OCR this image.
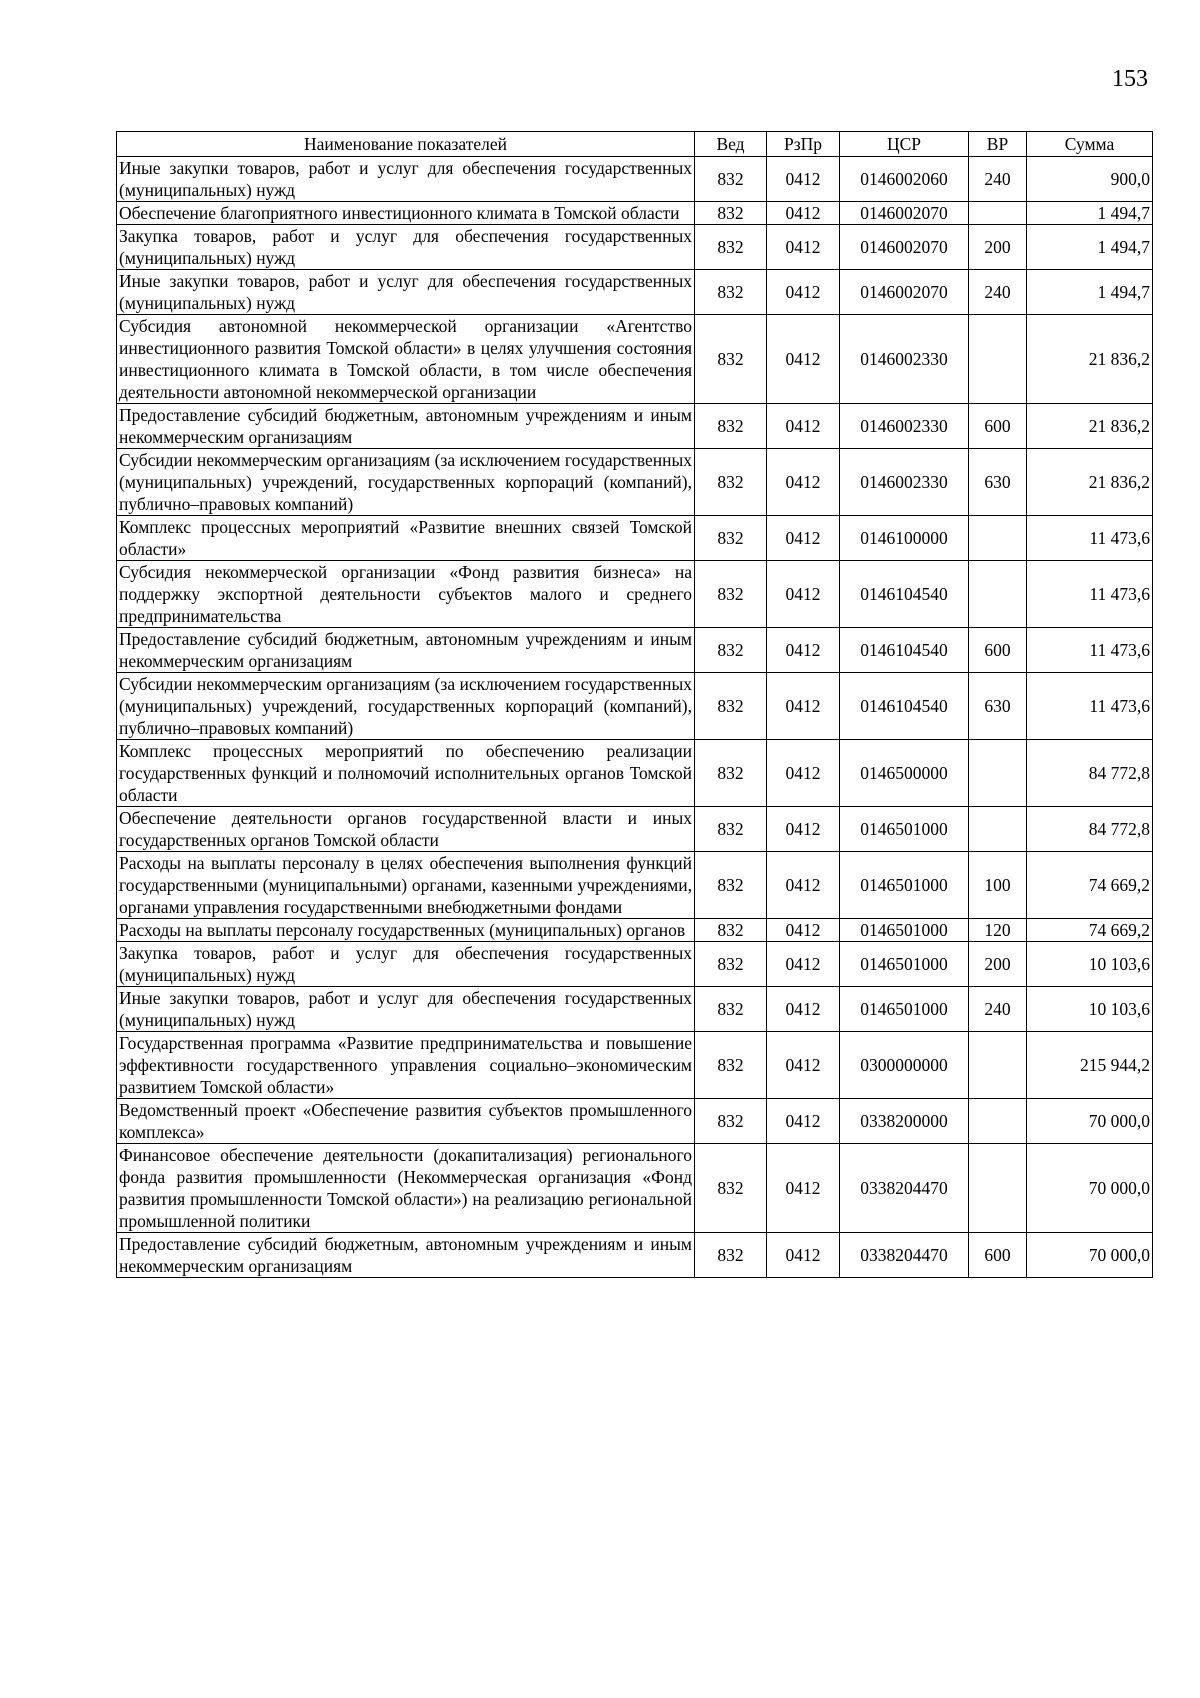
153
Наименование показателей	Вед	РзПр	ЦСР	ВР	Сумма
Иные закупки товаров, работ и услуг для обеспечения государственных (муниципальных) нужд	832	0412	0146002060	240	900,0
Обеспечение благоприятного инвестиционного климата в Томской области	832	0412	0146002070		1 494,7
Закупка товаров, работ и услуг для обеспечения государственных (муниципальных) нужд	832	0412	0146002070	200	1 494,7
Иные закупки товаров, работ и услуг для обеспечения государственных (муниципальных) нужд	832	0412	0146002070	240	1 494,7
Субсидия автономной некоммерческой организации «Агентство инвестиционного развития Томской области» в целях улучшения состояния инвестиционного климата в Томской области, в том числе обеспечения деятельности автономной некоммерческой организации	832	0412	0146002330		21 836,2
Предоставление субсидий бюджетным, автономным учреждениям и иным некоммерческим организациям	832	0412	0146002330	600	21 836,2
Субсидии некоммерческим организациям (за исключением государственных (муниципальных) учреждений, государственных корпораций (компаний), публично–правовых компаний)	832	0412	0146002330	630	21 836,2
Комплекс процессных мероприятий «Развитие внешних связей Томской области»	832	0412	0146100000		11 473,6
Субсидия некоммерческой организации «Фонд развития бизнеса» на поддержку экспортной деятельности субъектов малого и среднего предпринимательства	832	0412	0146104540		11 473,6
Предоставление субсидий бюджетным, автономным учреждениям и иным некоммерческим организациям	832	0412	0146104540	600	11 473,6
Субсидии некоммерческим организациям (за исключением государственных (муниципальных) учреждений, государственных корпораций (компаний), публично–правовых компаний)	832	0412	0146104540	630	11 473,6
Комплекс процессных мероприятий по обеспечению реализации государственных функций и полномочий исполнительных органов Томской области	832	0412	0146500000		84 772,8
Обеспечение деятельности органов государственной власти и иных государственных органов Томской области	832	0412	0146501000		84 772,8
Расходы на выплаты персоналу в целях обеспечения выполнения функций государственными (муниципальными) органами, казенными учреждениями, органами управления государственными внебюджетными фондами	832	0412	0146501000	100	74 669,2
Расходы на выплаты персоналу государственных (муниципальных) органов	832	0412	0146501000	120	74 669,2
Закупка товаров, работ и услуг для обеспечения государственных (муниципальных) нужд	832	0412	0146501000	200	10 103,6
Иные закупки товаров, работ и услуг для обеспечения государственных (муниципальных) нужд	832	0412	0146501000	240	10 103,6
Государственная программа «Развитие предпринимательства и повышение эффективности государственного управления социально–экономическим развитием Томской области»	832	0412	0300000000		215 944,2
Ведомственный проект «Обеспечение развития субъектов промышленного комплекса»	832	0412	0338200000		70 000,0
Финансовое обеспечение деятельности (докапитализация) регионального фонда развития промышленности (Некоммерческая организация «Фонд развития промышленности Томской области») на реализацию региональной промышленной политики	832	0412	0338204470		70 000,0
Предоставление субсидий бюджетным, автономным учреждениям и иным некоммерческим организациям	832	0412	0338204470	600	70 000,0
